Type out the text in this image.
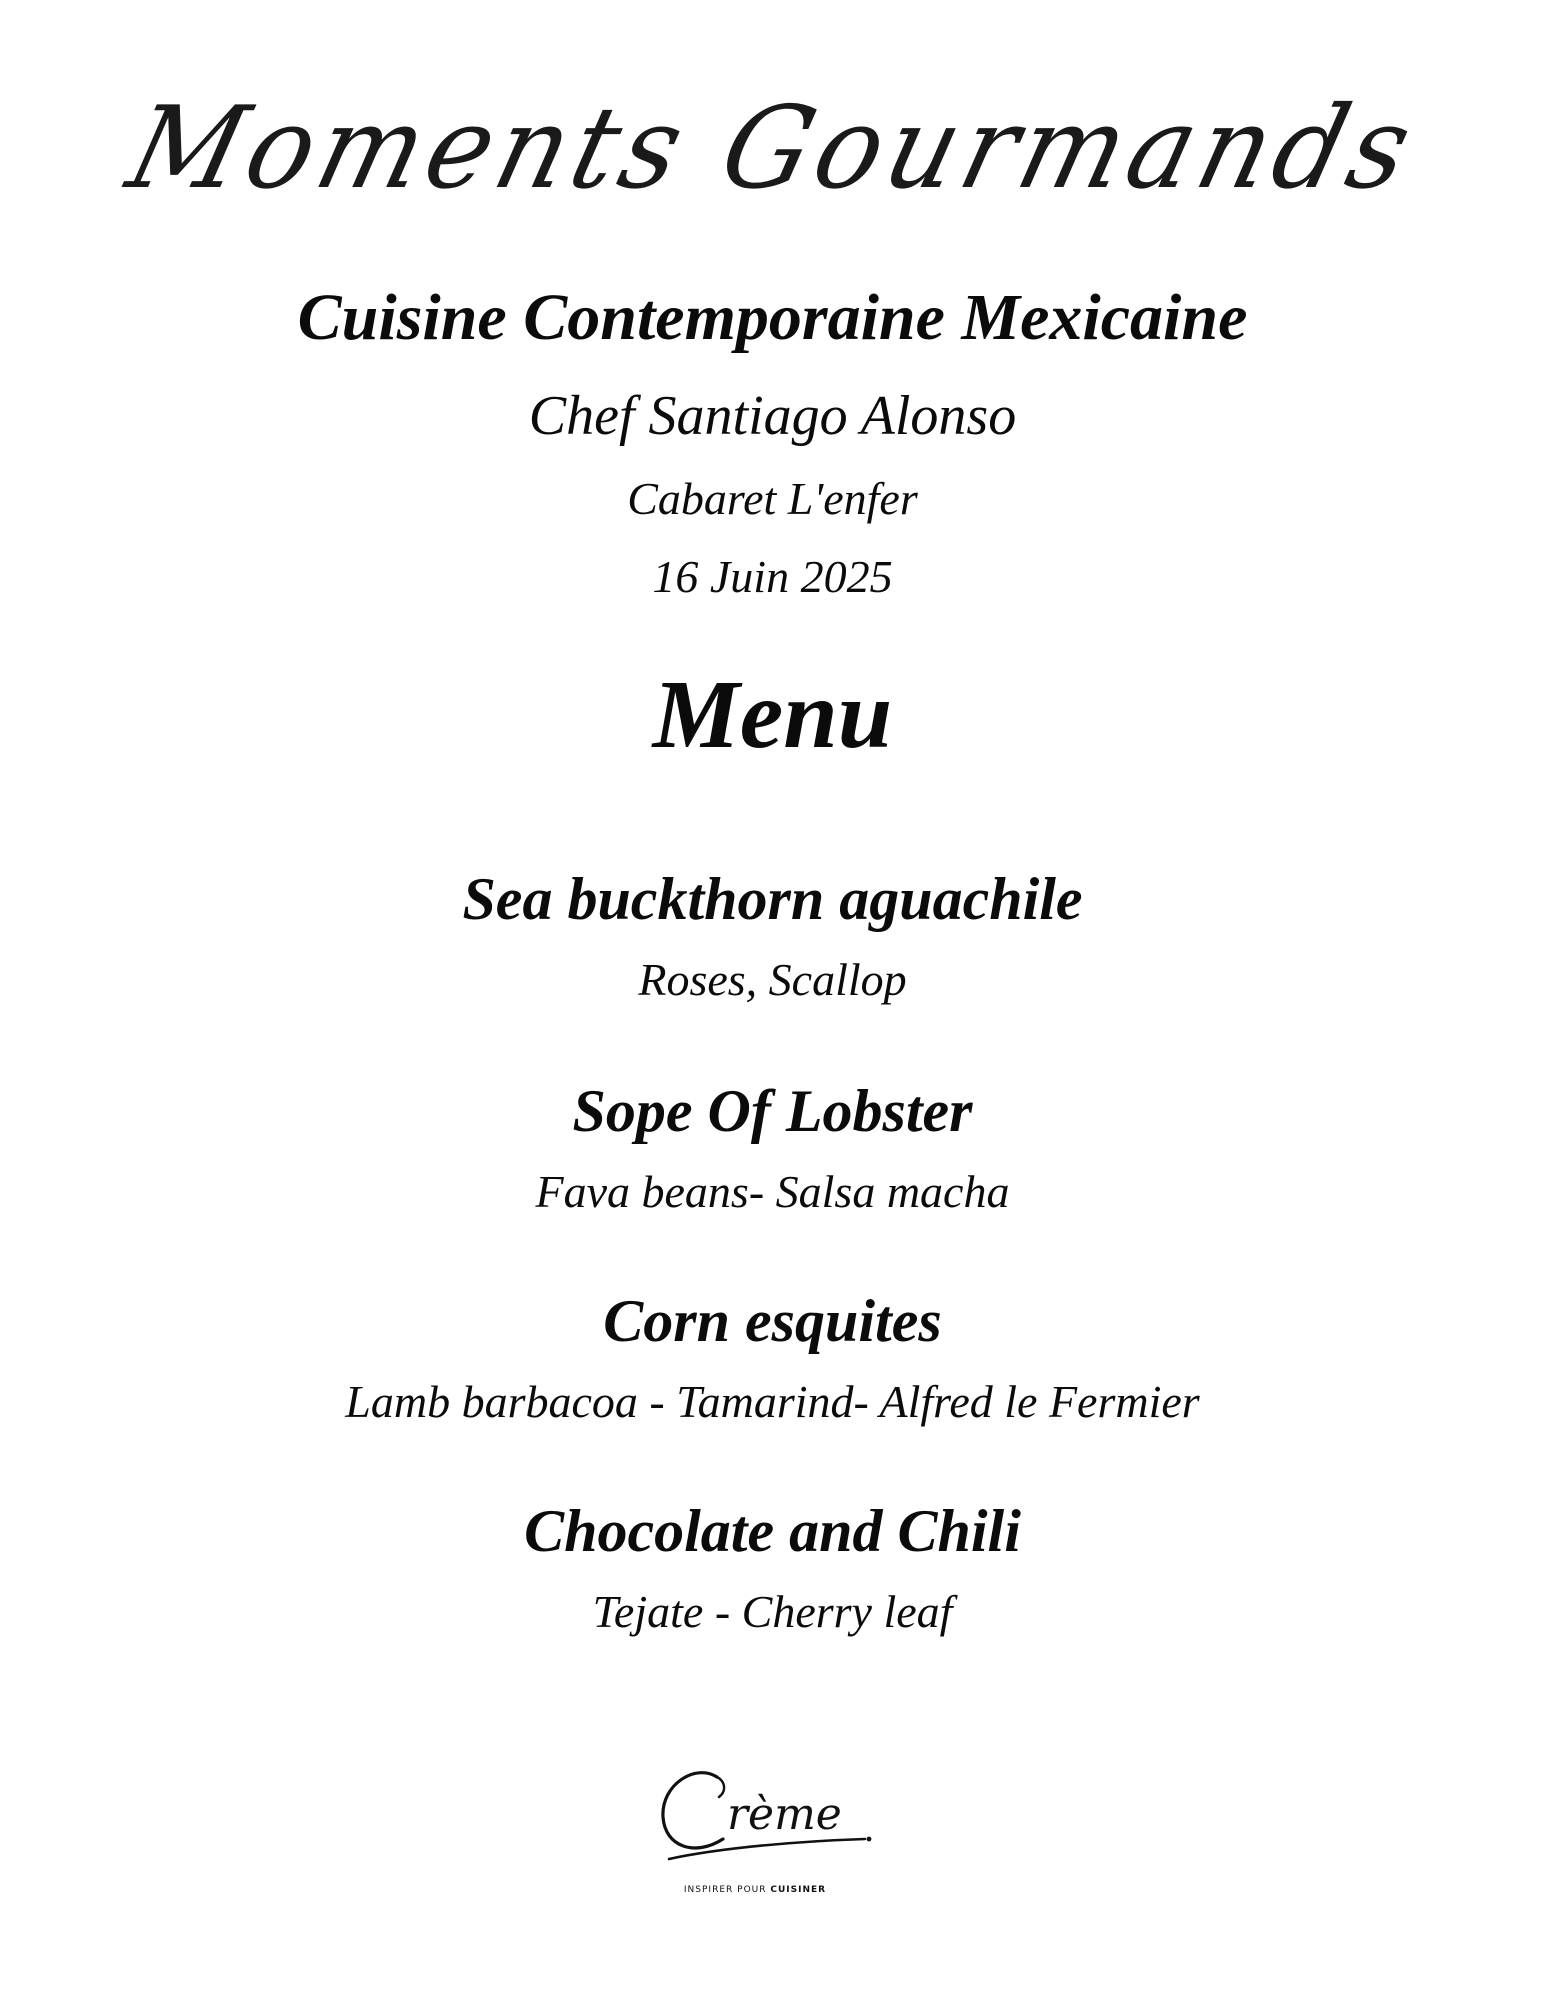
Moments Gourmands
Cuisine Contemporaine Mexicaine
Chef Santiago Alonso
Cabaret L'enfer
16 Juin 2025
Menu
Sea buckthorn aguachile
Roses, Scallop
Sope Of Lobster
Fava beans- Salsa macha
Corn esquites
Lamb barbacoa - Tamarind- Alfred le Fermier
Chocolate and Chili
Tejate - Cherry leaf
rème
INSPIRER POUR CUISINER
